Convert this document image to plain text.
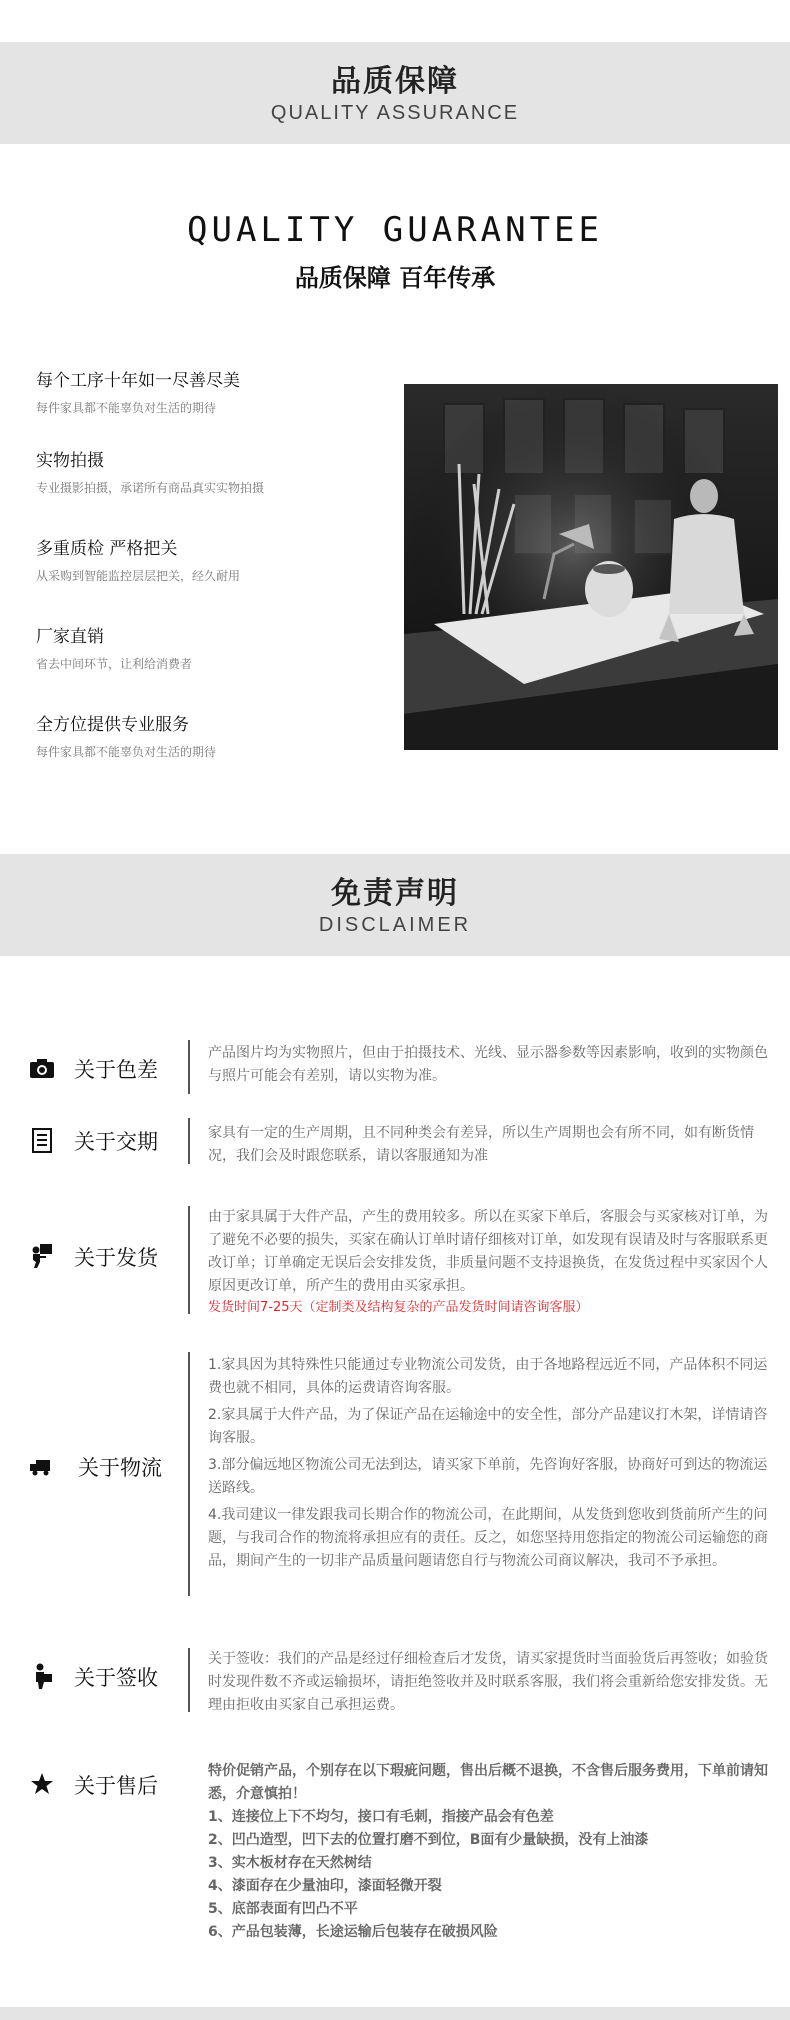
品质保障
QUALITY ASSURANCE
QUALITY GUARANTEE
品质保障 百年传承
每个工序十年如一尽善尽美
每件家具都不能辜负对生活的期待
实物拍摄
专业摄影拍摄，承诺所有商品真实实物拍摄
多重质检 严格把关
从采购到智能监控层层把关，经久耐用
厂家直销
省去中间环节，让利给消费者
全方位提供专业服务
每件家具都不能辜负对生活的期待
免责声明
DISCLAIMER
关于色差
产品图片均为实物照片，但由于拍摄技术、光线、显示器参数等因素影响，收到的实物颜色与照片可能会有差别，请以实物为准。
关于交期	家具有一定的生产周期，且不同种类会有差异，所以生产周期也会有所不同，如有断货情况，我们会及时跟您联系，请以客服通知为准
关于发货

由于家具属于大件产品，产生的费用较多。所以在买家下单后，客服会与买家核对订单，为了避免不必要的损失，买家在确认订单时请仔细核对订单，如发现有误请及时与客服联系更改订单；订单确定无误后会安排发货，非质量问题不支持退换货，在发货过程中买家因个人原因更改订单，所产生的费用由买家承担。

发货时间7-25天（定制类及结构复杂的产品发货时间请咨询客服）

关于物流

1.家具因为其特殊性只能通过专业物流公司发货，由于各地路程远近不同，产品体积不同运费也就不相同，具体的运费请咨询客服。

2.家具属于大件产品，为了保证产品在运输途中的安全性，部分产品建议打木架，详情请咨询客服。

3.部分偏远地区物流公司无法到达，请买家下单前，先咨询好客服，协商好可到达的物流运送路线。

4.我司建议一律发跟我司长期合作的物流公司，在此期间，从发货到您收到货前所产生的问题，与我司合作的物流将承担应有的责任。反之，如您坚持用您指定的物流公司运输您的商品，期间产生的一切非产品质量问题请您自行与物流公司商议解决，我司不予承担。

关于签收
关于签收：我们的产品是经过仔细检查后才发货，请买家提货时当面验货后再签收；如验货时发现件数不齐或运输损坏，请拒绝签收并及时联系客服，我们将会重新给您安排发货。无理由拒收由买家自己承担运费。
关于售后

特价促销产品，个别存在以下瑕疵问题，售出后概不退换，不含售后服务费用，下单前请知悉，介意慎拍！

1、连接位上下不均匀，接口有毛刺，指接产品会有色差

2、凹凸造型，凹下去的位置打磨不到位，B面有少量缺损，没有上油漆

3、实木板材存在天然树结

4、漆面存在少量油印，漆面轻微开裂

5、底部表面有凹凸不平

6、产品包装薄，长途运输后包装存在破损风险
